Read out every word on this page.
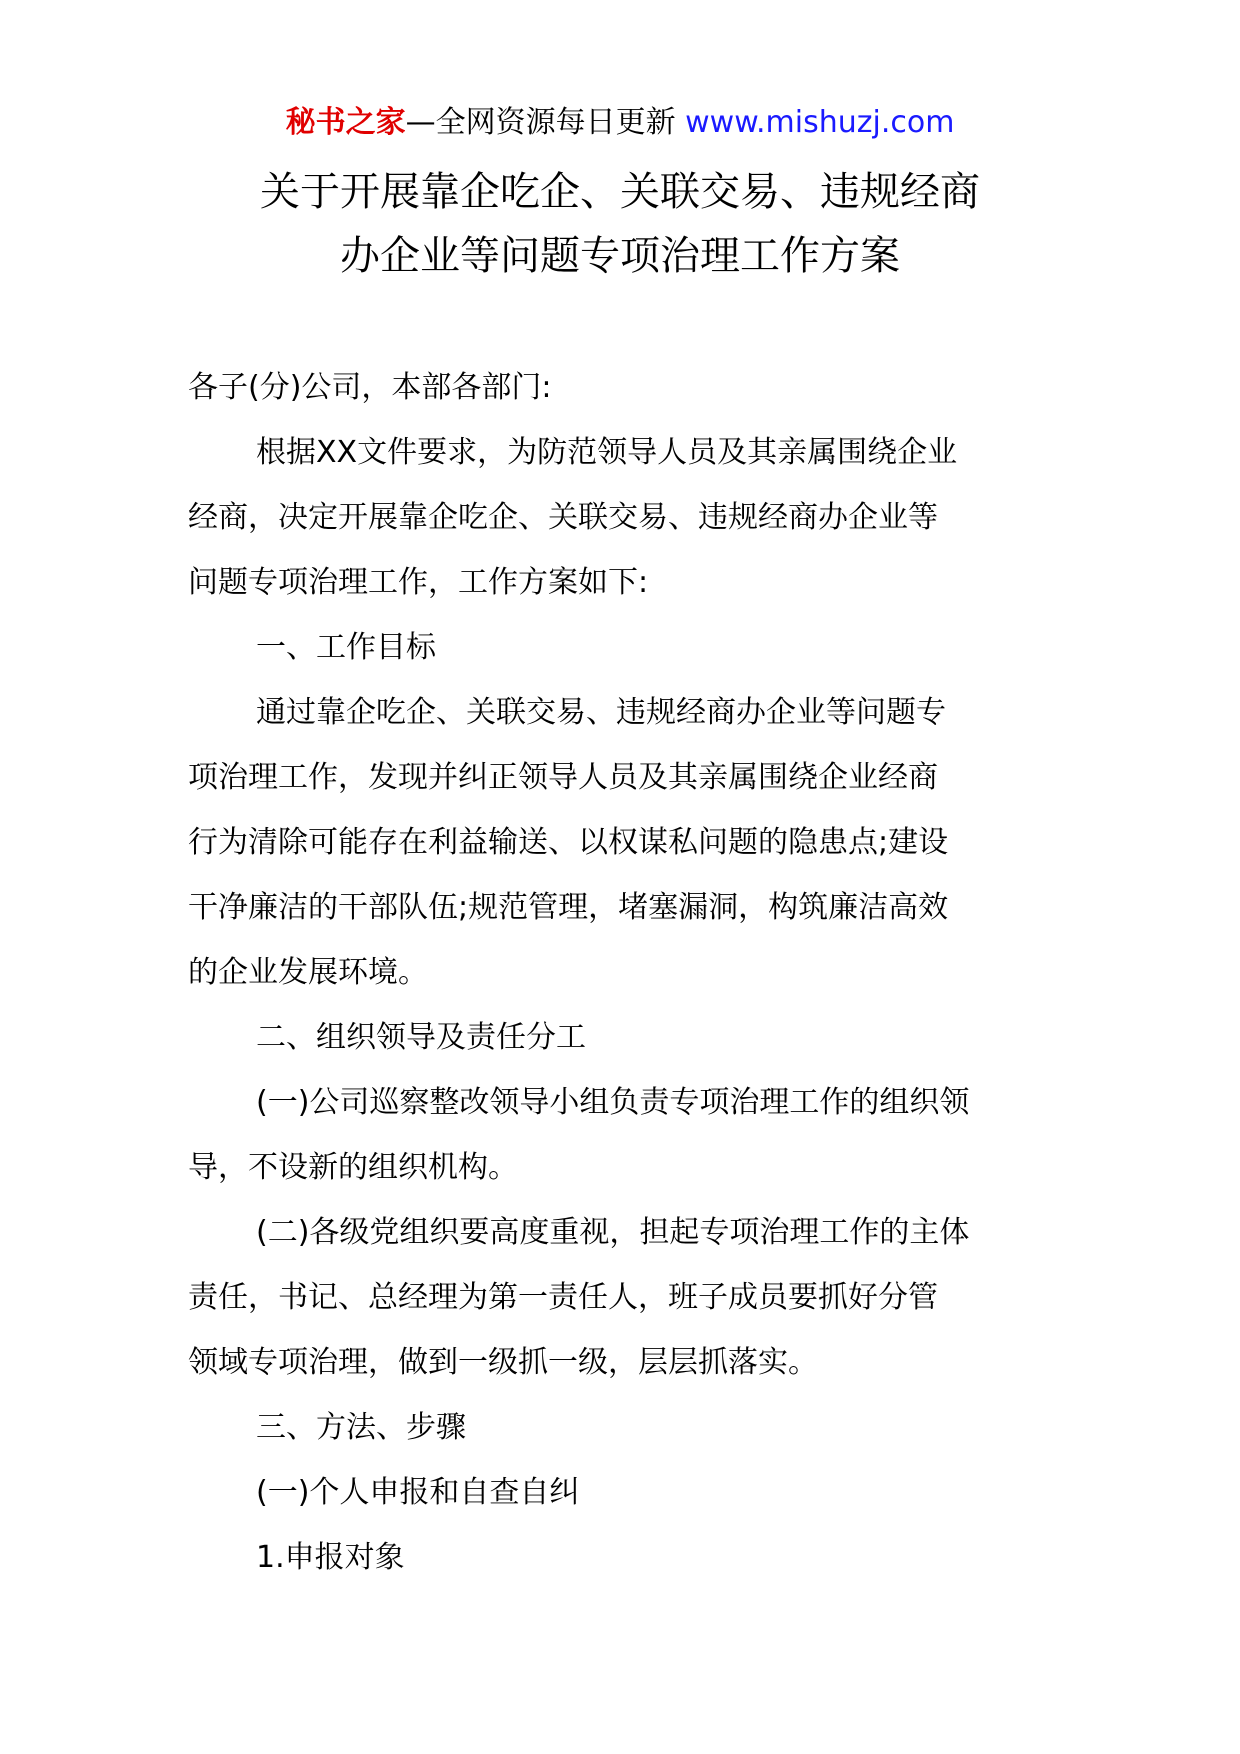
秘书之家—全网资源每日更新 www.mishuzj.com
关于开展靠企吃企、关联交易、违规经商
办企业等问题专项治理工作方案
各子(分)公司，本部各部门:
根据XX文件要求，为防范领导人员及其亲属围绕企业
经商，决定开展靠企吃企、关联交易、违规经商办企业等
问题专项治理工作，工作方案如下:
一、工作目标
通过靠企吃企、关联交易、违规经商办企业等问题专
项治理工作，发现并纠正领导人员及其亲属围绕企业经商
行为清除可能存在利益输送、以权谋私问题的隐患点;建设
干净廉洁的干部队伍;规范管理，堵塞漏洞，构筑廉洁高效
的企业发展环境。
二、组织领导及责任分工
(一)公司巡察整改领导小组负责专项治理工作的组织领
导，不设新的组织机构。
(二)各级党组织要高度重视，担起专项治理工作的主体
责任，书记、总经理为第一责任人，班子成员要抓好分管
领域专项治理，做到一级抓一级，层层抓落实。
三、方法、步骤
(一)个人申报和自查自纠
1.申报对象
